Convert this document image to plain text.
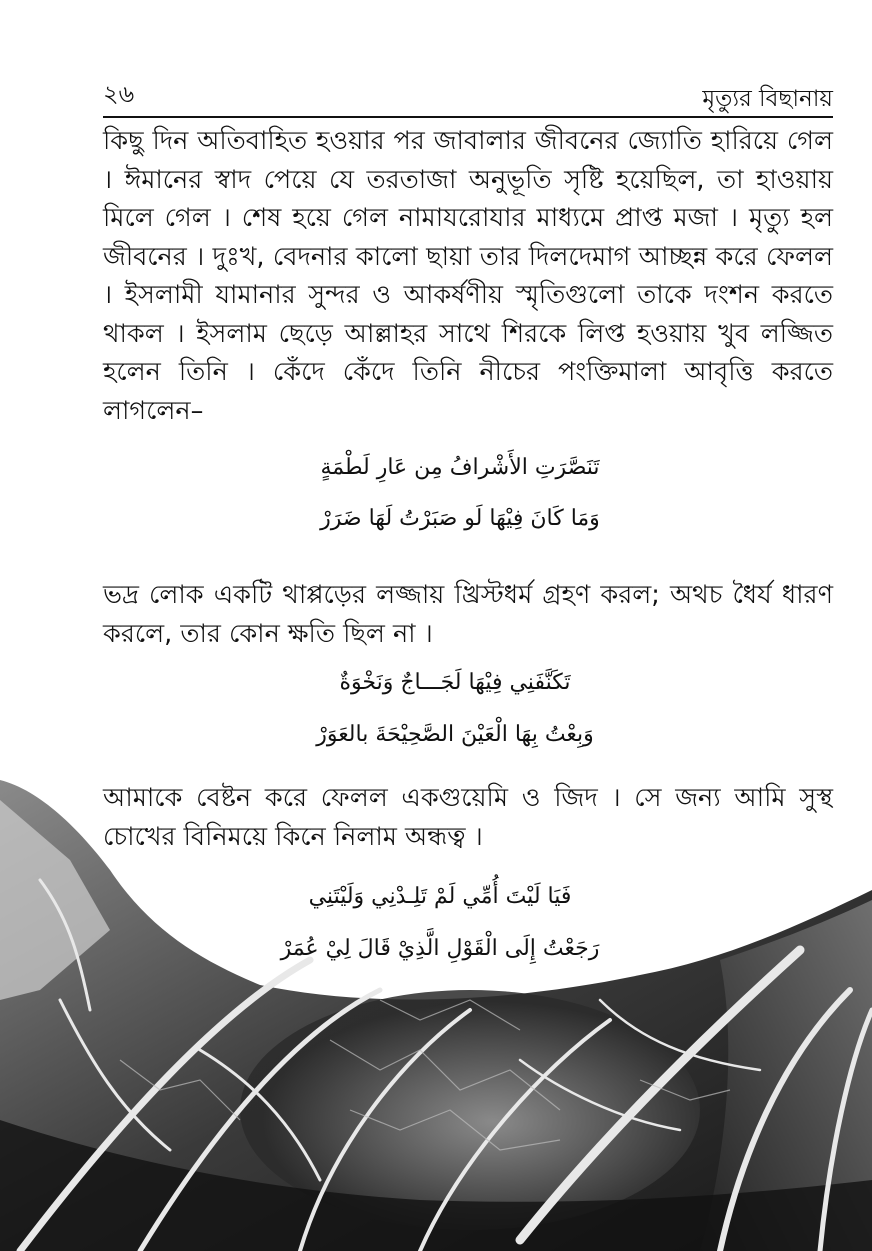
২৬	মৃত্যুর বিছানায়

কিছু দিন অতিবাহিত হওয়ার পর জাবালার জীবনের জ্যোতি হারিয়ে গেল । ঈমানের স্বাদ পেয়ে যে তরতাজা অনুভূতি সৃষ্টি হয়েছিল, তা হাওয়ায় মিলে গেল । শেষ হয়ে গেল নামাযরোযার মাধ্যমে প্রাপ্ত মজা । মৃত্যু হল জীবনের । দুঃখ, বেদনার কালো ছায়া তার দিলদেমাগ আচ্ছন্ন করে ফেলল । ইসলামী যামানার সুন্দর ও আকর্ষণীয় স্মৃতিগুলো তাকে দংশন করতে থাকল । ইসলাম ছেড়ে আল্লাহর সাথে শিরকে লিপ্ত হওয়ায় খুব লজ্জিত হলেন তিনি । কেঁদে কেঁদে তিনি নীচের পংক্তিমালা আবৃত্তি করতে লাগলেন–

تَنَصَّرَتِ الأَشْرافُ مِن عَارِ لَطْمَةٍ
وَمَا كَانَ فِيْهَا لَو صَبَرْتُ لَهَا ضَرَرْ

ভদ্র লোক একটি থাপ্পড়ের লজ্জায় খ্রিস্টধর্ম গ্রহণ করল; অথচ ধৈর্য ধারণ করলে, তার কোন ক্ষতি ছিল না ।

تَكَنَّفَنِي فِيْهَا لَجَـــاجٌ وَنَخْوَةٌ
وَبِعْتُ بِهَا الْعَيْنَ الصَّحِيْحَةَ بالعَوَرْ

আমাকে বেষ্টন করে ফেলল একগুয়েমি ও জিদ । সে জন্য আমি সুস্থ চোখের বিনিময়ে কিনে নিলাম অন্ধত্ব ।

فَيَا لَيْتَ أُمِّي لَمْ تَلِـدْنِي وَلَيْتَنِي
رَجَعْتُ إِلَى الْقَوْلِ الَّذِيْ قَالَ لِيْ عُمَرْ
